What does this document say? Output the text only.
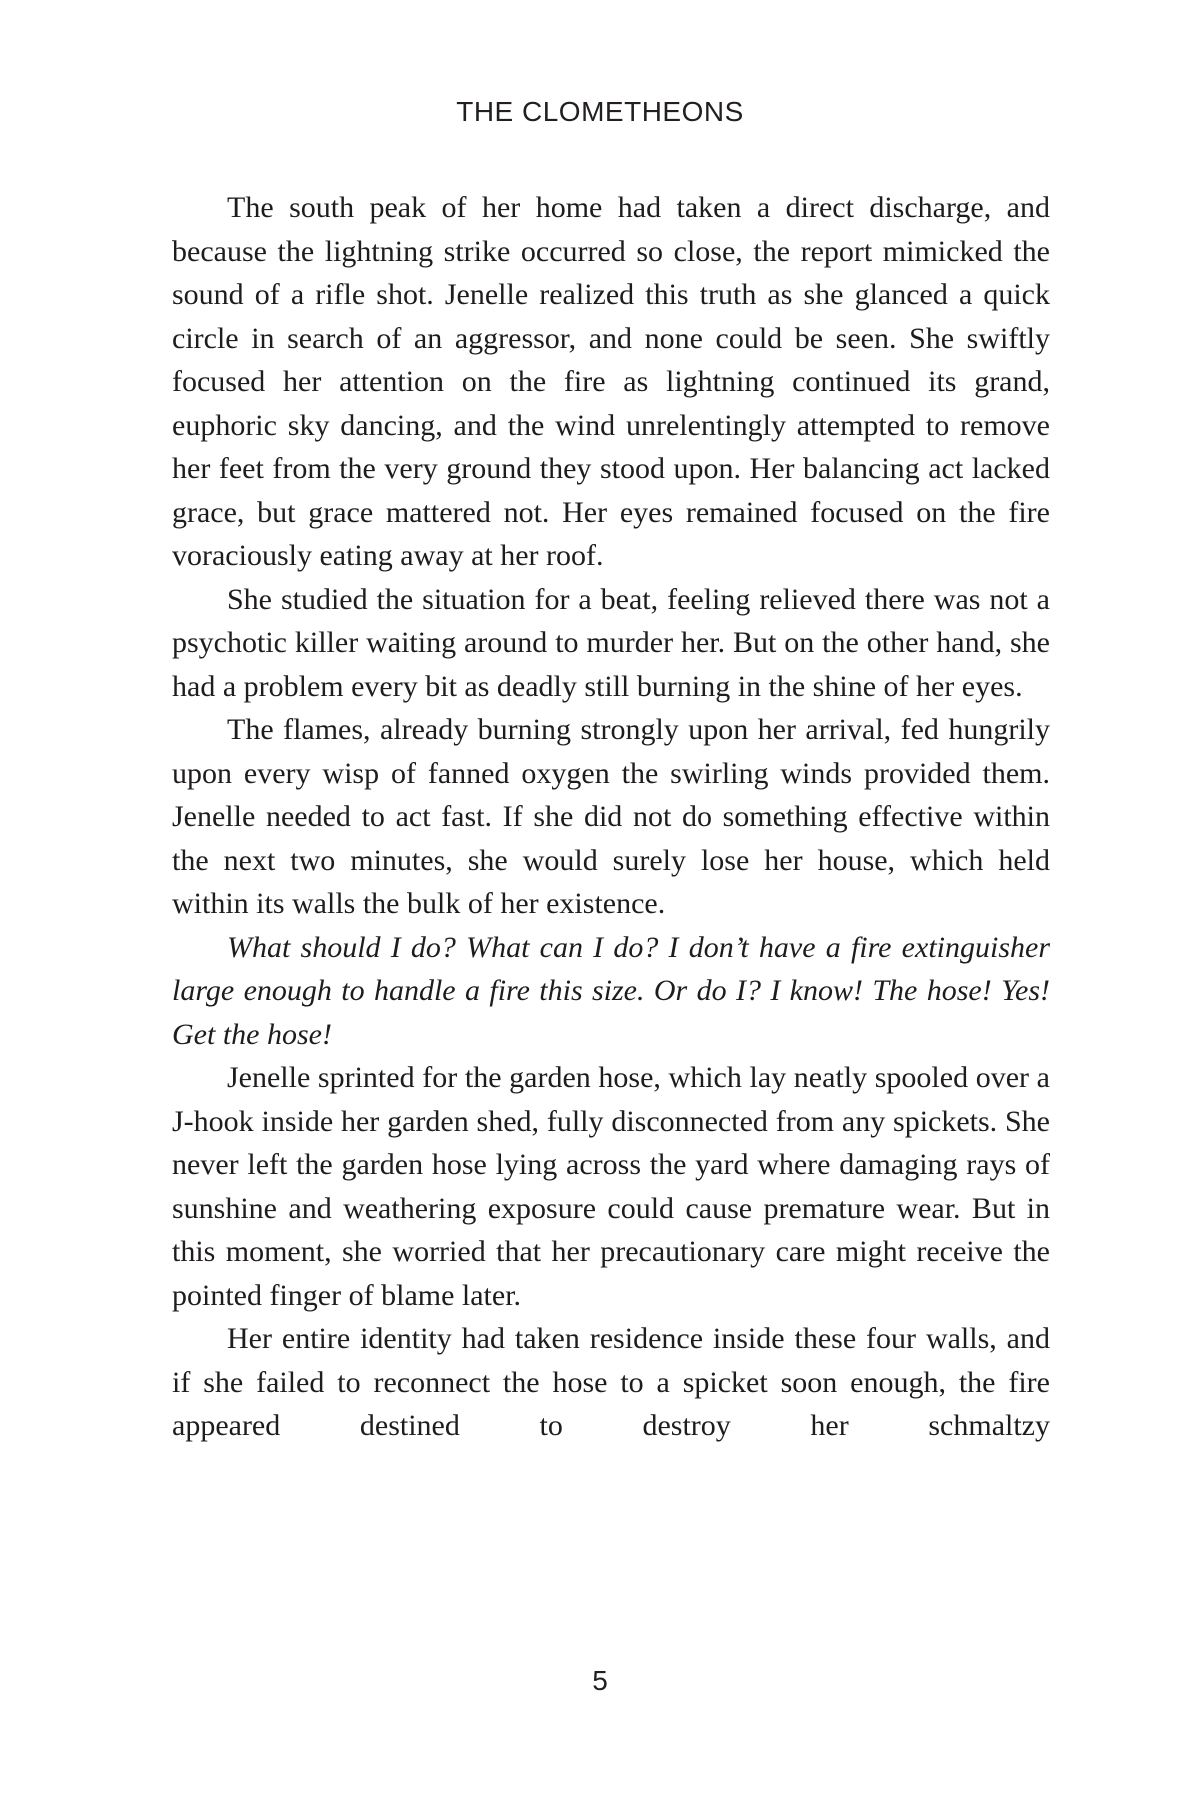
THE CLOMETHEONS

The south peak of her home had taken a direct discharge, and because the lightning strike occurred so close, the report mimicked the sound of a rifle shot. Jenelle realized this truth as she glanced a quick circle in search of an aggressor, and none could be seen. She swiftly focused her attention on the fire as lightning continued its grand, euphoric sky dancing, and the wind unrelentingly attempted to remove her feet from the very ground they stood upon. Her balancing act lacked grace, but grace mattered not. Her eyes remained focused on the fire voraciously eating away at her roof.

She studied the situation for a beat, feeling relieved there was not a psychotic killer waiting around to murder her. But on the other hand, she had a problem every bit as deadly still burning in the shine of her eyes.

The flames, already burning strongly upon her arrival, fed hungrily upon every wisp of fanned oxygen the swirling winds provided them. Jenelle needed to act fast. If she did not do something effective within the next two minutes, she would surely lose her house, which held within its walls the bulk of her existence.

What should I do? What can I do? I don’t have a fire extinguisher large enough to handle a fire this size. Or do I? I know! The hose! Yes! Get the hose!

Jenelle sprinted for the garden hose, which lay neatly spooled over a J-hook inside her garden shed, fully disconnected from any spickets. She never left the garden hose lying across the yard where damaging rays of sunshine and weathering exposure could cause premature wear. But in this moment, she worried that her precautionary care might receive the pointed finger of blame later.

Her entire identity had taken residence inside these four walls, and if she failed to reconnect the hose to a spicket soon enough, the fire appeared destined to destroy her schmaltzy

5
